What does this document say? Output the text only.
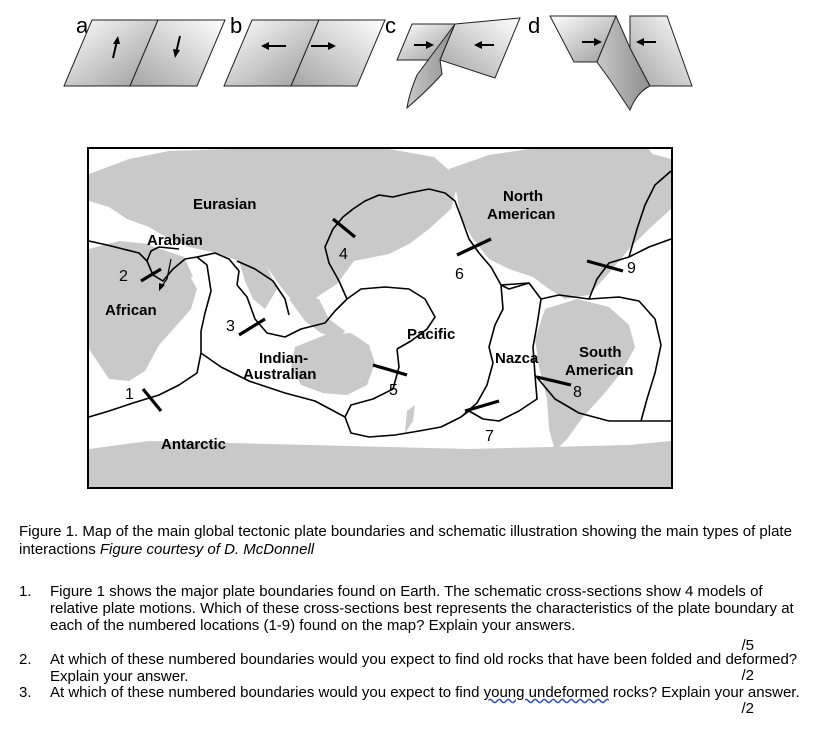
a	b	c	d
1
2
3
4
5
6
7
8
9
Eurasian
Arabian
African
North
American
Pacific
Indian-
Australian
Nazca	South
American
Antarctic
Figure 1. Map of the main global tectonic plate boundaries and schematic illustration showing the main types of plate interactions Figure courtesy of D. McDonnell
1. Figure 1 shows the major plate boundaries found on Earth. The schematic cross-sections show 4 models of relative plate motions. Which of these cross-sections best represents the characteristics of the plate boundary at each of the numbered locations (1-9) found on the map? Explain your answers.
/5
2. At which of these numbered boundaries would you expect to find old rocks that have been folded and deformed? Explain your answer.	/2
3. At which of these numbered boundaries would you expect to find young undeformed rocks? Explain your answer.
/2
